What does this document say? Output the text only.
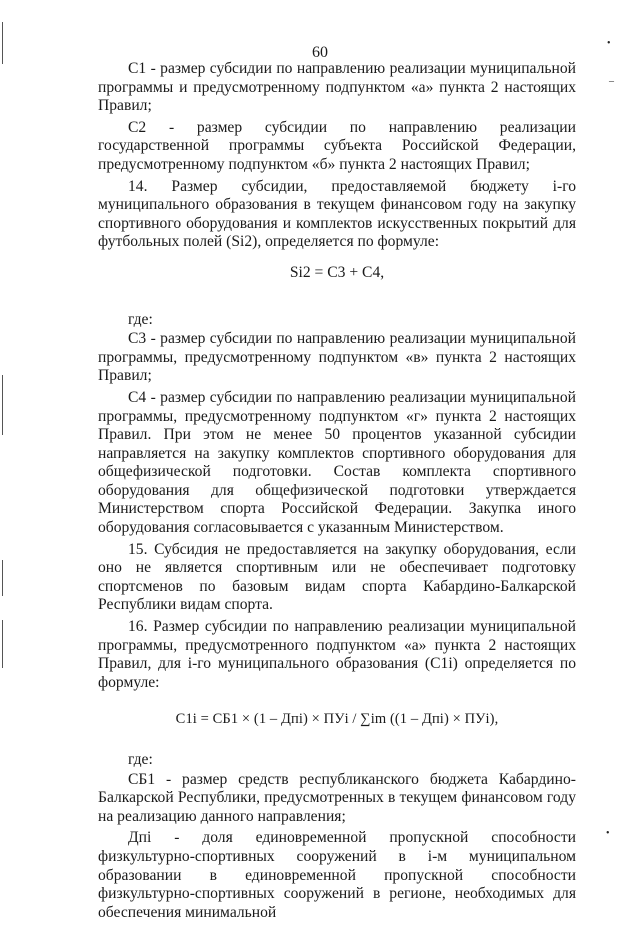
•
–
•
60

С1 - размер субсидии по направлению реализации муниципальной программы и предусмотренному подпунктом «а» пункта 2 настоящих Правил;

С2 - размер субсидии по направлению реализации государственной программы субъекта Российской Федерации, предусмотренному подпунктом «б» пункта 2 настоящих Правил;

14. Размер субсидии, предоставляемой бюджету i-го муниципального образования в текущем финансовом году на закупку спортивного оборудования и комплектов искусственных покрытий для футбольных полей (Si2), определяется по формуле:

Si2 = С3 + С4,

где:

С3 - размер субсидии по направлению реализации муниципальной программы, предусмотренному подпунктом «в» пункта 2 настоящих Правил;

С4 - размер субсидии по направлению реализации муниципальной программы, предусмотренному подпунктом «г» пункта 2 настоящих Правил. При этом не менее 50 процентов указанной субсидии направляется на закупку комплектов спортивного оборудования для общефизической подготовки. Состав комплекта спортивного оборудования для общефизической подготовки утверждается Министерством спорта Российской Федерации. Закупка иного оборудования согласовывается с указанным Министерством.

15. Субсидия не предоставляется на закупку оборудования, если оно не является спортивным или не обеспечивает подготовку спортсменов по базовым видам спорта Кабардино-Балкарской Республики видам спорта.

16. Размер субсидии по направлению реализации муниципальной программы, предусмотренного подпунктом «а» пункта 2 настоящих Правил, для i-го муниципального образования (С1i) определяется по формуле:

С1i = СБ1 × (1 – Дпi) × ПУi / ∑im ((1 – Дпi) × ПУi),

где:

СБ1 - размер средств республиканского бюджета Кабардино-Балкарской Республики, предусмотренных в текущем финансовом году на реализацию данного направления;

Дпi - доля единовременной пропускной способности физкультурно-спортивных сооружений в i-м муниципальном образовании в единовременной пропускной способности физкультурно-спортивных сооружений в регионе, необходимых для обеспечения минимальной
